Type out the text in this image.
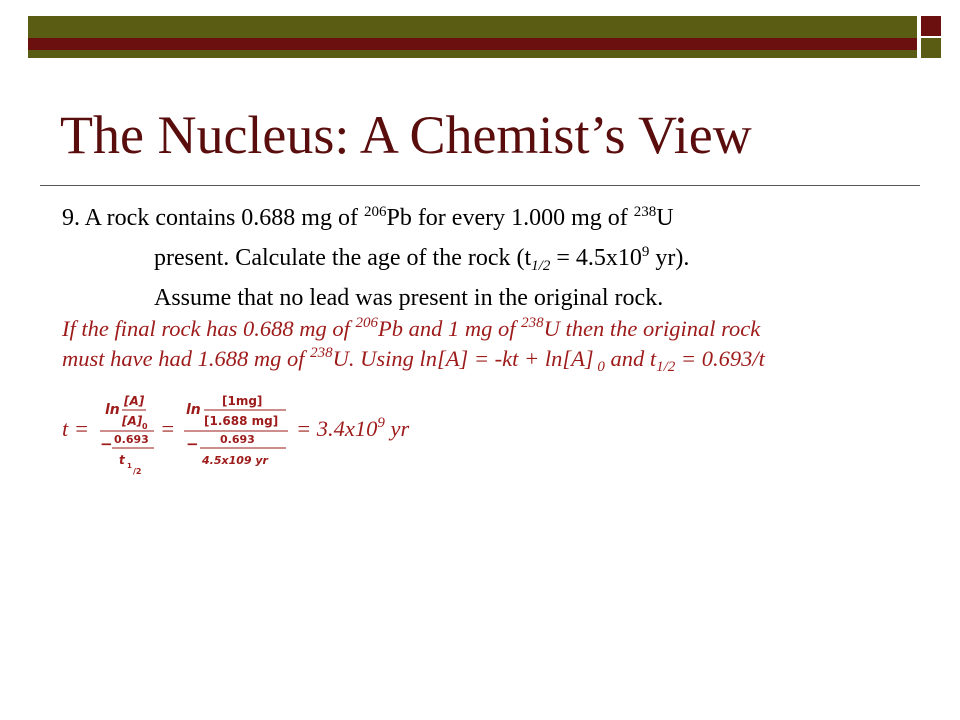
The Nucleus: A Chemist’s View
9. A rock contains 0.688 mg of $^{206}$Pb for every 1.000 mg of $^{238}$U
present. Calculate the age of the rock ($t_{1/2} = 4.5x10^9$ yr).
Assume that no lead was present in the original rock.
If the final rock has 0.688 mg of $^{206}$Pb and 1 mg of $^{238}$U then the original rock
must have had 1.688 mg of $^{238}$U. Using ln[A] = -kt + ln[A] $_0$ and $t_{1/2} = 0.693/t$
t =
ln
[A]
[A] 0
− 0.693
t 1
/2
=
ln
[1mg]
[1.688 mg]
− 0.693
4.5x109 yr
= $3.4x10^9$ yr
